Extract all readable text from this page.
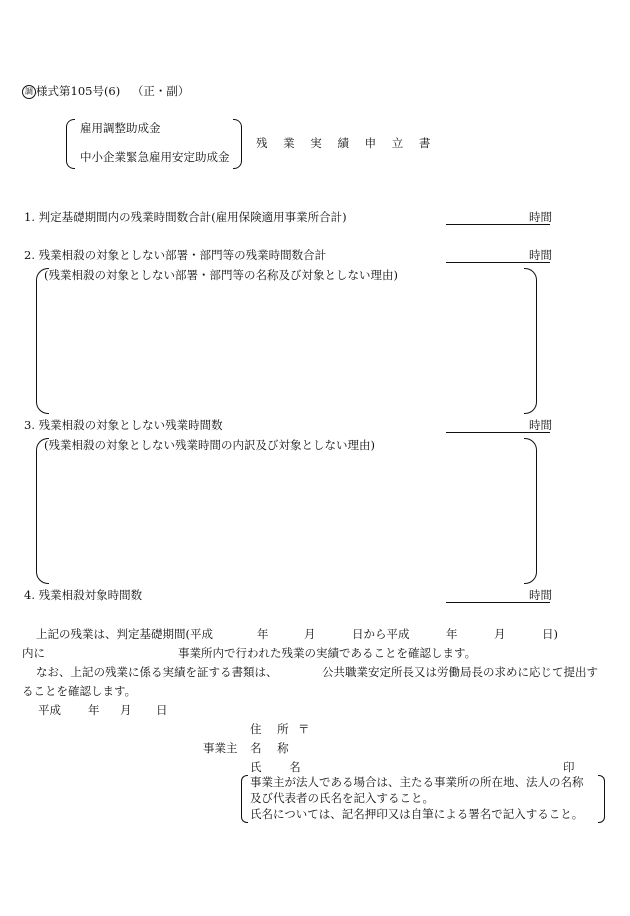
調 様式第105号(6) （正・副）
雇用調整助成金
中小企業緊急雇用安定助成金
残 業 実 績 申 立 書
1. 判定基礎期間内の残業時間数合計(雇用保険適用事業所合計)	時間
2. 残業相殺の対象としない部署・部門等の残業時間数合計	時間
(残業相殺の対象としない部署・部門等の名称及び対象としない理由)
3. 残業相殺の対象としない残業時間数	時間
(残業相殺の対象としない残業時間の内訳及び対象としない理由)
4. 残業相殺対象時間数	時間
上記の残業は、判定基礎期間(平成	年	月	日から平成	年	月	日)
内に	事業所内で行われた残業の実績であることを確認します。
なお、上記の残業に係る実績を証する書類は、	公共職業安定所長又は労働局長の求めに応じて提出す
ることを確認します。
平成 年 月 日
住 所 〒
事業主 名 称
氏 名	印
事業主が法人である場合は、主たる事業所の所在地、法人の名称
及び代表者の氏名を記入すること。
氏名については、記名押印又は自筆による署名で記入すること。
